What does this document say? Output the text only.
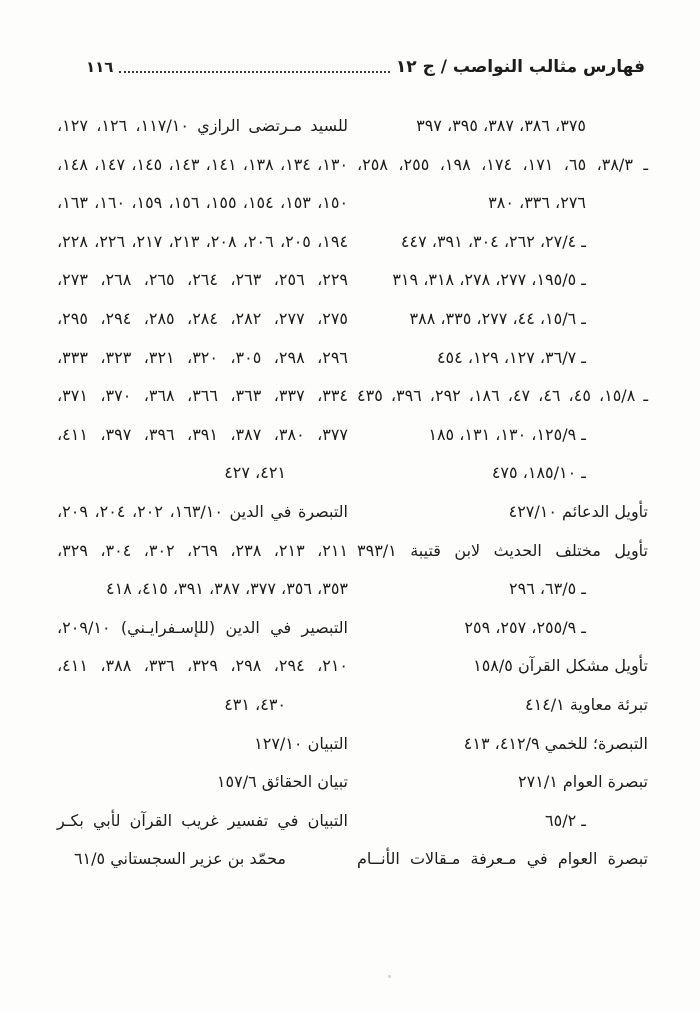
فهارس مثالب النواصب / ج ١٢
١١٦
٣٧٥، ٣٨٦، ٣٨٧، ٣٩٥، ٣٩٧
ـ ٣٨/٣، ٦٥، ١٧١، ١٧٤، ١٩٨، ٢٥٥، ٢٥٨،
٢٧٦، ٣٣٦، ٣٨٠
ـ ٢٧/٤، ٢٦٢، ٣٠٤، ٣٩١، ٤٤٧
ـ ١٩٥/٥، ٢٧٧، ٢٧٨، ٣١٨، ٣١٩
ـ ١٥/٦، ٤٤، ٢٧٧، ٣٣٥، ٣٨٨
ـ ٣٦/٧، ١٢٧، ١٢٩، ٤٥٤
ـ ١٥/٨، ٤٥، ٤٦، ٤٧، ١٨٦، ٢٩٢، ٣٩٦، ٤٣٥
ـ ١٢٥/٩، ١٣٠، ١٣١، ١٨٥
ـ ١٨٥/١٠، ٤٧٥
تأويل الدعائم ٤٢٧/١٠
تأويل مختلف الحديث لابن قتيبة ٣٩٣/١
ـ ٦٣/٥، ٢٩٦
ـ ٢٥٥/٩، ٢٥٧، ٢٥٩
تأويل مشكل القرآن ١٥٨/٥
تبرئة معاوية ٤١٤/١
التبصرة؛ للخمي ٤١٢/٩، ٤١٣
تبصرة العوام ٢٧١/١
ـ ٦٥/٢
تبصرة العوام في مـعرفة مـقالات الأنــام
للسيد مـرتضى الرازي ١١٧/١٠، ١٢٦، ١٢٧،
١٣٠، ١٣٤، ١٣٨، ١٤١، ١٤٣، ١٤٥، ١٤٧، ١٤٨،
١٥٠، ١٥٣، ١٥٤، ١٥٥، ١٥٦، ١٥٩، ١٦٠، ١٦٣،
١٩٤، ٢٠٥، ٢٠٦، ٢٠٨، ٢١٣، ٢١٧، ٢٢٦، ٢٢٨،
٢٢٩، ٢٥٦، ٢٦٣، ٢٦٤، ٢٦٥، ٢٦٨، ٢٧٣،
٢٧٥، ٢٧٧، ٢٨٢، ٢٨٤، ٢٨٥، ٢٩٤، ٢٩٥،
٢٩٦، ٢٩٨، ٣٠٥، ٣٢٠، ٣٢١، ٣٢٣، ٣٣٣،
٣٣٤، ٣٣٧، ٣٦٣، ٣٦٦، ٣٦٨، ٣٧٠، ٣٧١،
٣٧٧، ٣٨٠، ٣٨٧، ٣٩١، ٣٩٦، ٣٩٧، ٤١١،
٤٢١، ٤٢٧
التبصرة في الدين ١٦٣/١٠، ٢٠٢، ٢٠٤، ٢٠٩،
٢١١، ٢١٣، ٢٣٨، ٢٦٩، ٣٠٢، ٣٠٤، ٣٢٩،
٣٥٣، ٣٥٦، ٣٧٧، ٣٨٧، ٣٩١، ٤١٥، ٤١٨
التبصير في الدين (للإسـفرايـني) ٢٠٩/١٠،
٢١٠، ٢٩٤، ٢٩٨، ٣٢٩، ٣٣٦، ٣٨٨، ٤١١،
٤٣٠، ٤٣١
التبيان ١٢٧/١٠
تبيان الحقائق ١٥٧/٦
التبيان في تفسير غريب القرآن لأبي بكـر
محمّد بن عزير السجستاني ٦١/٥
